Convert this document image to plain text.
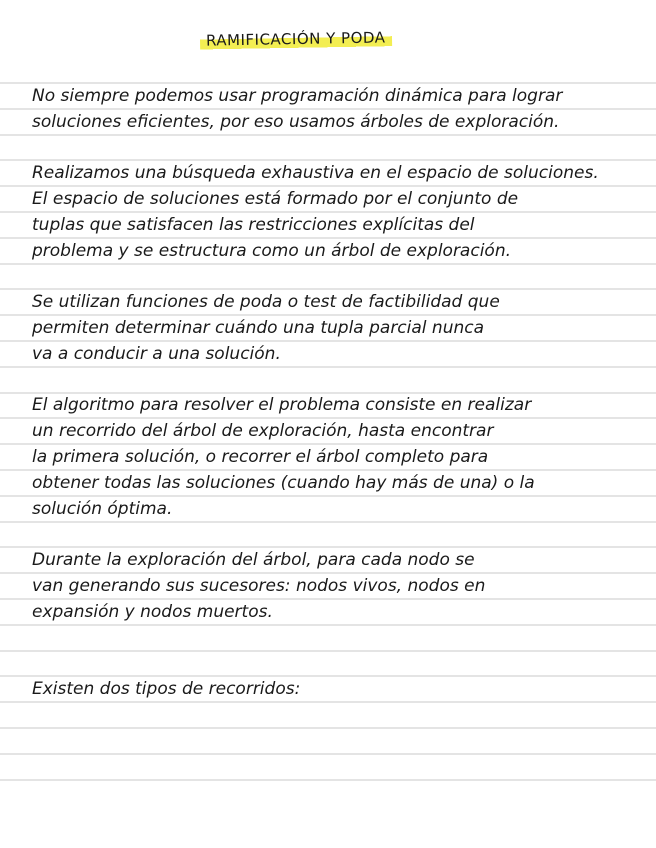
RAMIFICACIÓN Y PODA
No siempre podemos usar programación dinámica para lograr
soluciones eficientes, por eso usamos árboles de exploración.
Realizamos una búsqueda exhaustiva en el espacio de soluciones.
El espacio de soluciones está formado por el conjunto de
tuplas que satisfacen las restricciones explícitas del
problema y se estructura como un árbol de exploración.
Se utilizan funciones de poda o test de factibilidad que
permiten determinar cuándo una tupla parcial nunca
va a conducir a una solución.
El algoritmo para resolver el problema consiste en realizar
un recorrido del árbol de exploración, hasta encontrar
la primera solución, o recorrer el árbol completo para
obtener todas las soluciones (cuando hay más de una) o la
solución óptima.
Durante la exploración del árbol, para cada nodo se
van generando sus sucesores: nodos vivos, nodos en
expansión y nodos muertos.
Existen dos tipos de recorridos:
